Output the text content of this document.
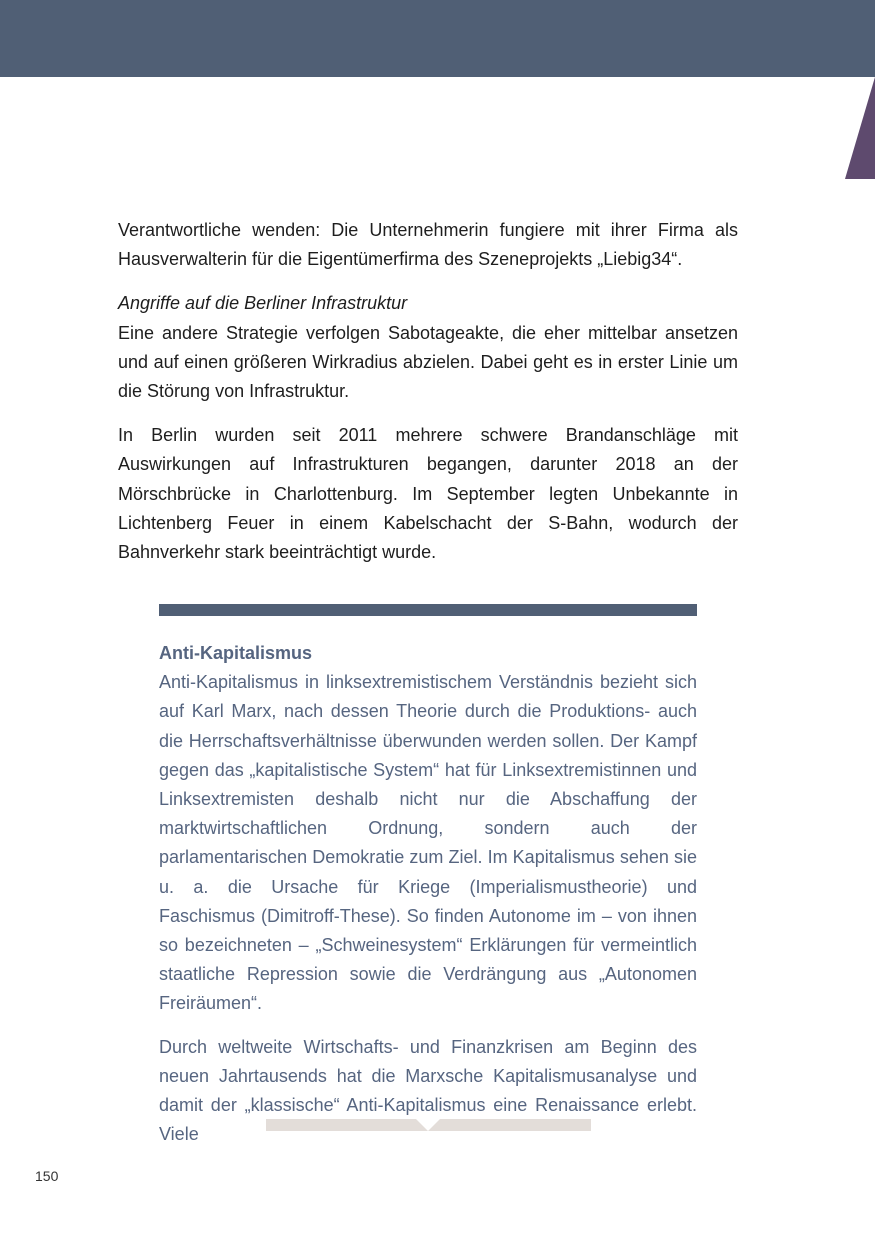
Verantwortliche wenden: Die Unternehmerin fungiere mit ihrer Firma als Hausverwalterin für die Eigentümerfirma des Szeneprojekts „Liebig34“.

Angriffe auf die Berliner Infrastruktur

Eine andere Strategie verfolgen Sabotageakte, die eher mittelbar ansetzen und auf einen größeren Wirkradius abzielen. Dabei geht es in erster Linie um die Störung von Infrastruktur.

In Berlin wurden seit 2011 mehrere schwere Brandanschläge mit Auswirkungen auf Infrastrukturen begangen, darunter 2018 an der Mörschbrücke in Charlottenburg. Im September legten Unbekannte in Lichtenberg Feuer in einem Kabelschacht der S-Bahn, wodurch der Bahnverkehr stark beeinträchtigt wurde.

Anti-Kapitalismus

Anti-Kapitalismus in linksextremistischem Verständnis bezieht sich auf Karl Marx, nach dessen Theorie durch die Produktions- auch die Herrschaftsverhältnisse überwunden werden sollen. Der Kampf gegen das „kapitalistische System“ hat für Linksextremistinnen und Linksextremisten deshalb nicht nur die Abschaffung der marktwirtschaftlichen Ordnung, sondern auch der parlamentarischen Demokratie zum Ziel. Im Kapitalismus sehen sie u. a. die Ursache für Kriege (Imperialismustheorie) und Faschismus (Dimitroff-These). So finden Autonome im – von ihnen so bezeichneten – „Schweinesystem“ Erklärungen für vermeintlich staatliche Repression sowie die Verdrängung aus „Autonomen Freiräumen“.

Durch weltweite Wirtschafts- und Finanzkrisen am Beginn des neuen Jahrtausends hat die Marxsche Kapitalismusanalyse und damit der „klassische“ Anti-Kapitalismus eine Renaissance erlebt. Viele

150
